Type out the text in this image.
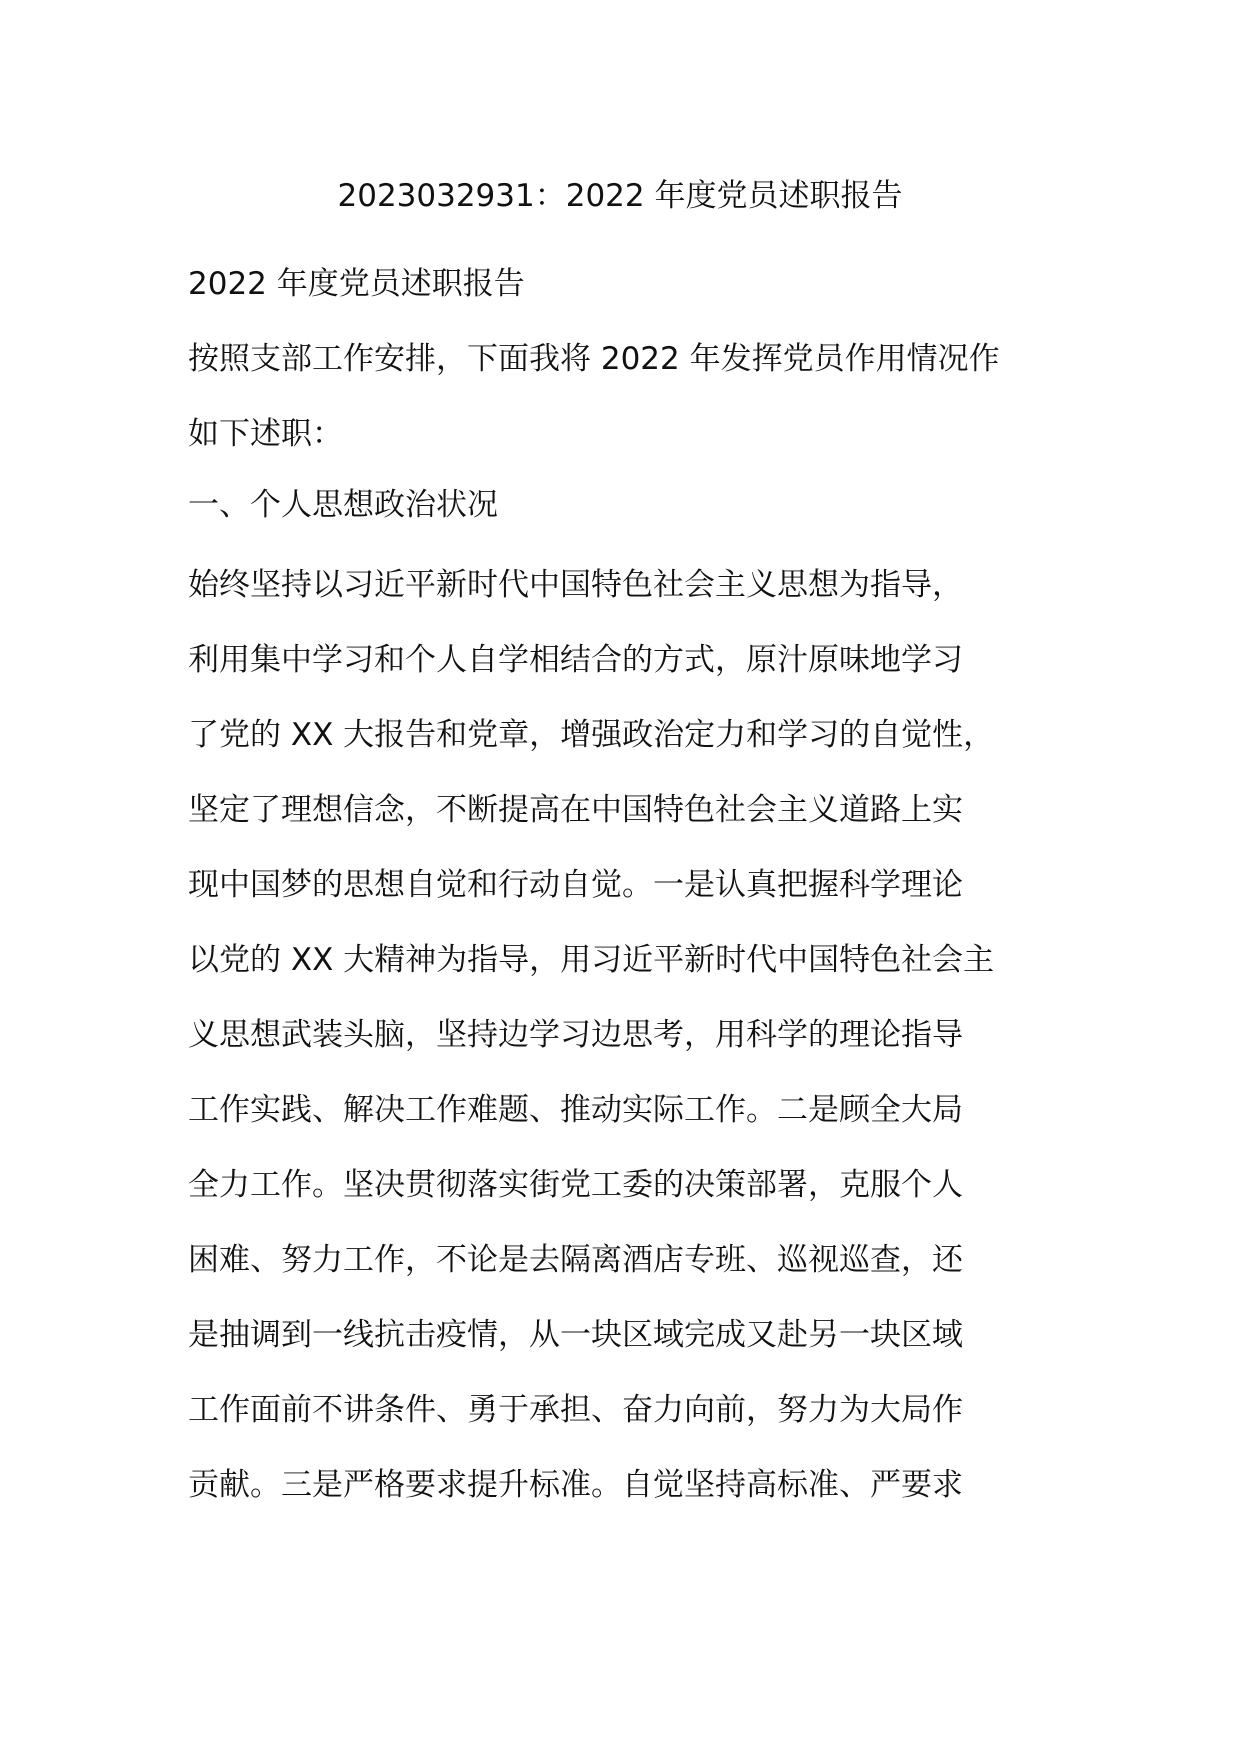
2023032931：2022 年度党员述职报告
2022 年度党员述职报告
按照支部工作安排，下面我将 2022 年发挥党员作用情况作
如下述职：
一、个人思想政治状况
始终坚持以习近平新时代中国特色社会主义思想为指导，
利用集中学习和个人自学相结合的方式，原汁原味地学习
了党的 XX 大报告和党章，增强政治定力和学习的自觉性，
坚定了理想信念，不断提高在中国特色社会主义道路上实
现中国梦的思想自觉和行动自觉。一是认真把握科学理论
以党的 XX 大精神为指导，用习近平新时代中国特色社会主
义思想武装头脑，坚持边学习边思考，用科学的理论指导
工作实践、解决工作难题、推动实际工作。二是顾全大局
全力工作。坚决贯彻落实街党工委的决策部署，克服个人
困难、努力工作，不论是去隔离酒店专班、巡视巡查，还
是抽调到一线抗击疫情，从一块区域完成又赴另一块区域
工作面前不讲条件、勇于承担、奋力向前，努力为大局作
贡献。三是严格要求提升标准。自觉坚持高标准、严要求
